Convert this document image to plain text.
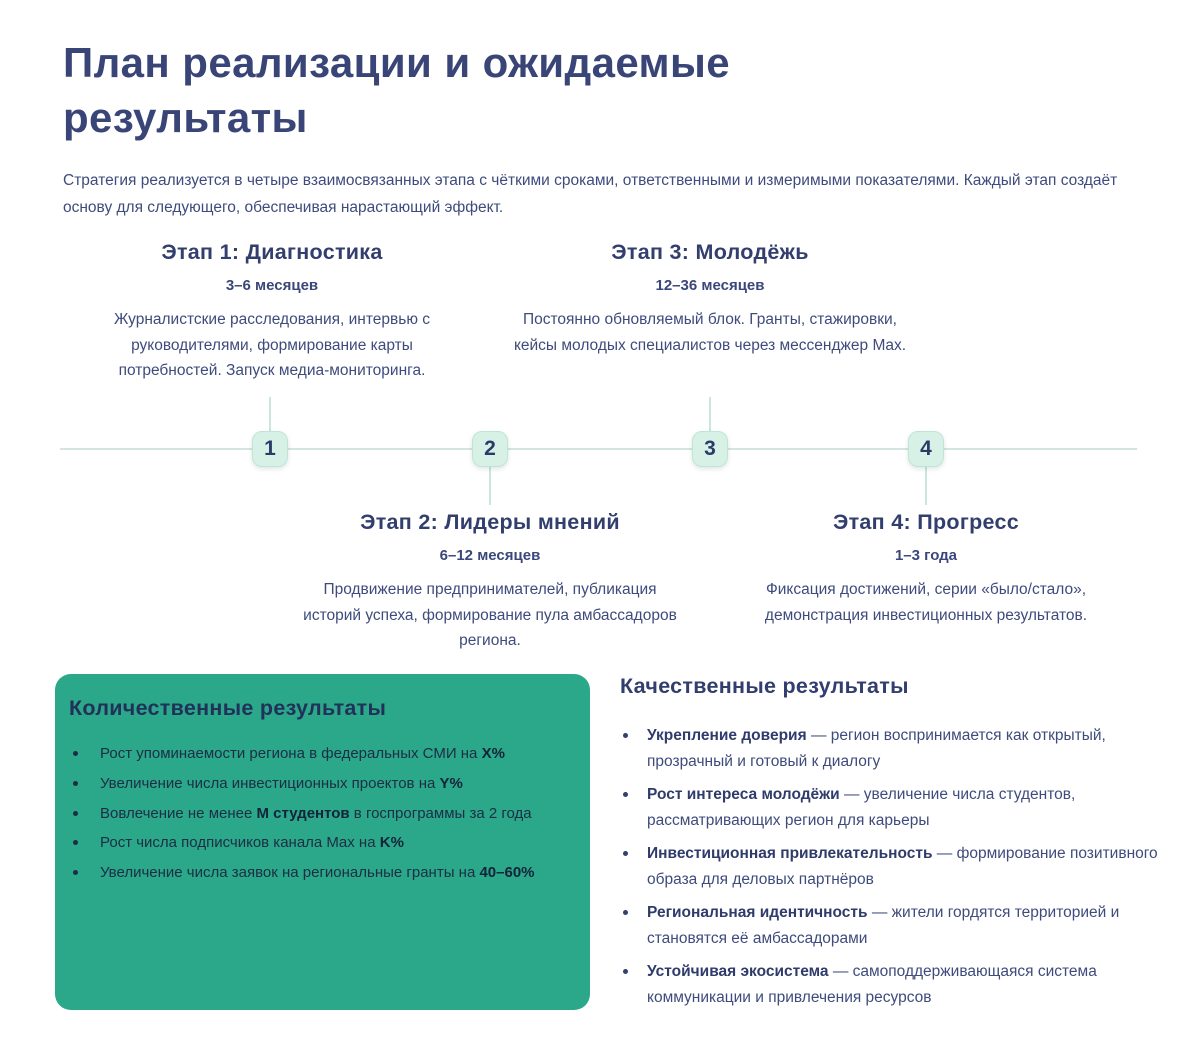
План реализации и ожидаемые результаты

Стратегия реализуется в четыре взаимосвязанных этапа с чёткими сроками, ответственными и измеримыми показателями. Каждый этап создаёт основу для следующего, обеспечивая нарастающий эффект.

1	2	3	4
Этап 1: Диагностика
3–6 месяцев

Журналистские расследования, интервью с руководителями, формирование карты потребностей. Запуск медиа-мониторинга.

Этап 3: Молодёжь
12–36 месяцев

Постоянно обновляемый блок. Гранты, стажировки, кейсы молодых специалистов через мессенджер Max.

Этап 2: Лидеры мнений
6–12 месяцев

Продвижение предпринимателей, публикация историй успеха, формирование пула амбассадоров региона.

Этап 4: Прогресс
1–3 года

Фиксация достижений, серии «было/стало», демонстрация инвестиционных результатов.

Количественные результаты
Рост упоминаемости региона в федеральных СМИ на X%
Увеличение числа инвестиционных проектов на Y%
Вовлечение не менее M студентов в госпрограммы за 2 года
Рост числа подписчиков канала Max на K%
Увеличение числа заявок на региональные гранты на 40–60%
Качественные результаты
Укрепление доверия — регион воспринимается как открытый, прозрачный и готовый к диалогу
Рост интереса молодёжи — увеличение числа студентов, рассматривающих регион для карьеры
Инвестиционная привлекательность — формирование позитивного образа для деловых партнёров
Региональная идентичность — жители гордятся территорией и становятся её амбассадорами
Устойчивая экосистема — самоподдерживающаяся система коммуникации и привлечения ресурсов
